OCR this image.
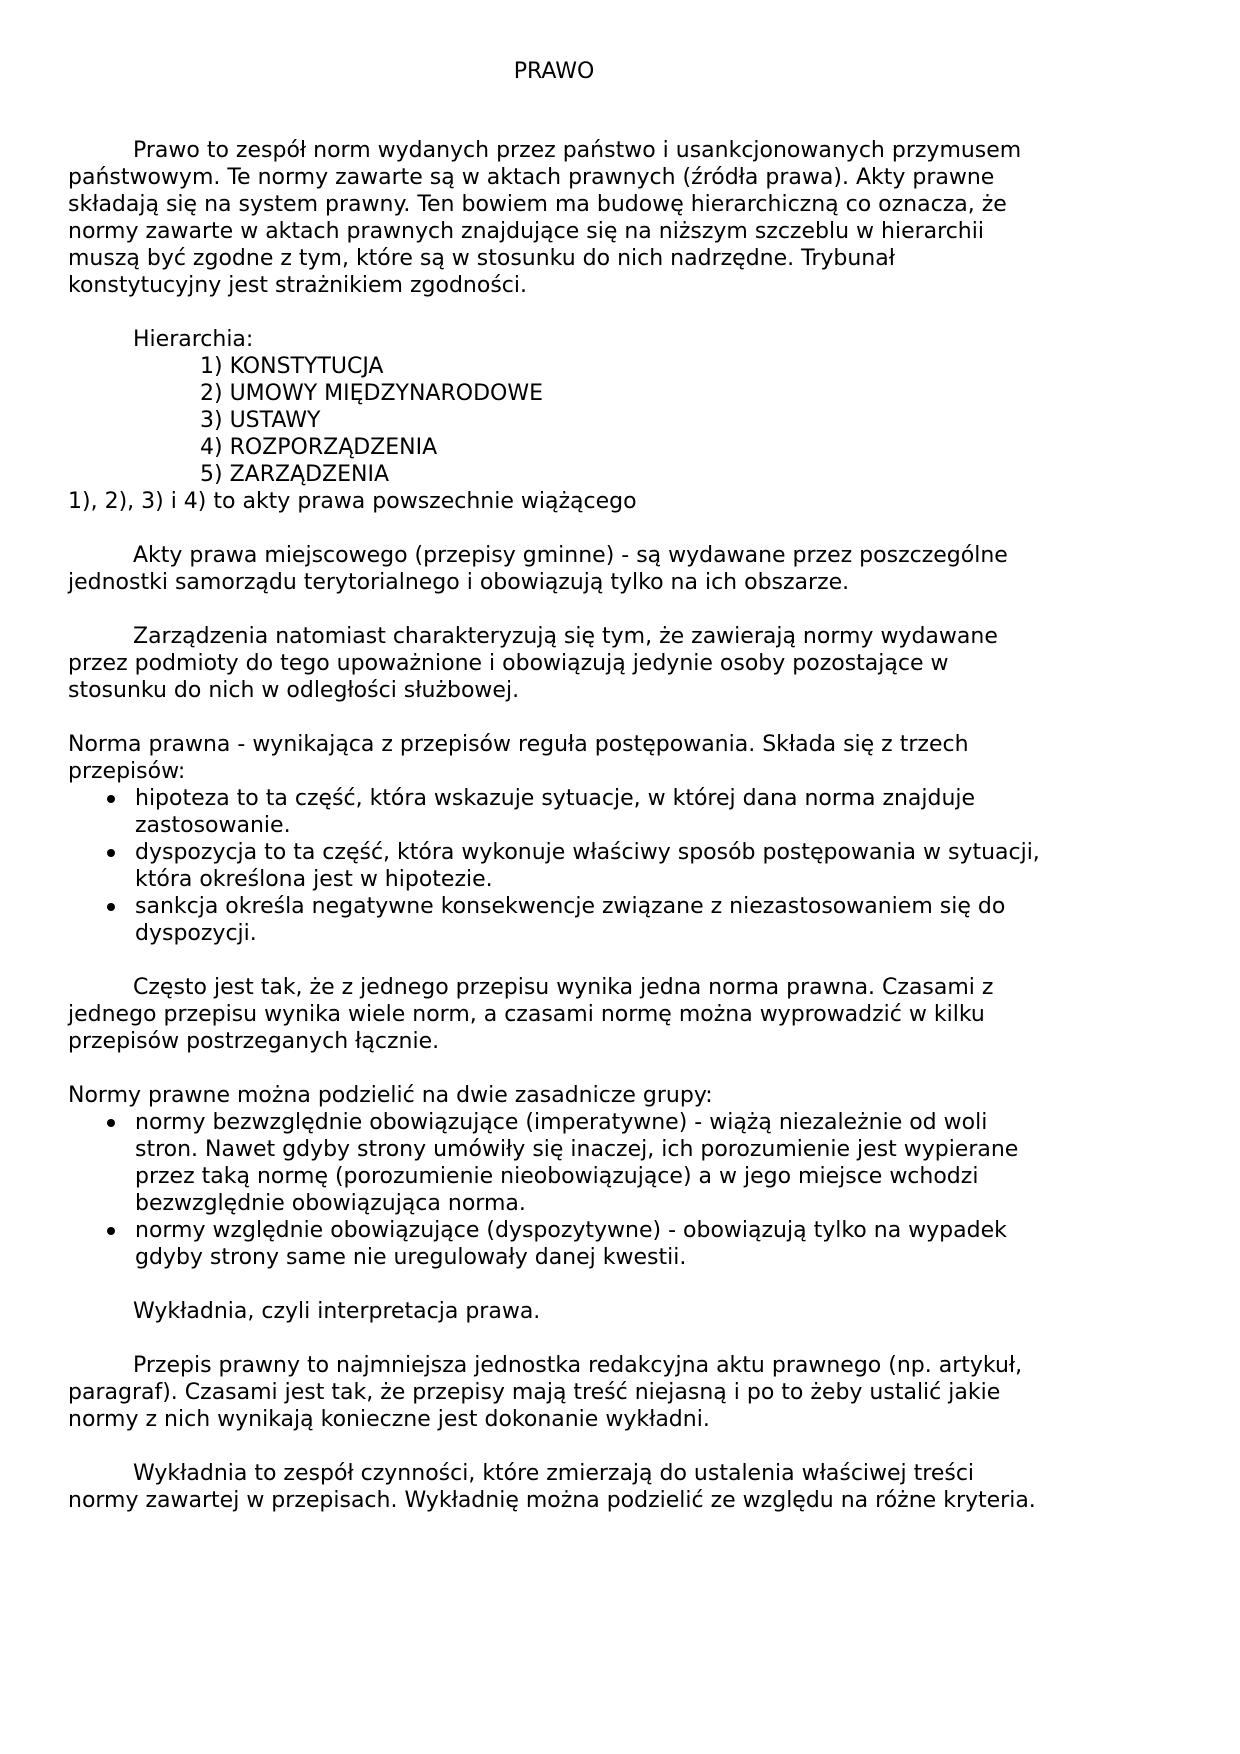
PRAWO

Prawo to zespół norm wydanych przez państwo i usankcjonowanych przymusem państwowym. Te normy zawarte są w aktach prawnych (źródła prawa). Akty prawne składają się na system prawny. Ten bowiem ma budowę hierarchiczną co oznacza, że normy zawarte w aktach prawnych znajdujące się na niższym szczeblu w hierarchii muszą być zgodne z tym, które są w stosunku do nich nadrzędne. Trybunał konstytucyjny jest strażnikiem zgodności.

Hierarchia:

1) KONSTYTUCJA
2) UMOWY MIĘDZYNARODOWE
3) USTAWY
4) ROZPORZĄDZENIA
5) ZARZĄDZENIA

1), 2), 3) i 4) to akty prawa powszechnie wiążącego

Akty prawa miejscowego (przepisy gminne) - są wydawane przez poszczególne jednostki samorządu terytorialnego i obowiązują tylko na ich obszarze.

Zarządzenia natomiast charakteryzują się tym, że zawierają normy wydawane przez podmioty do tego upoważnione i obowiązują jedynie osoby pozostające w stosunku do nich w odległości służbowej.

Norma prawna - wynikająca z przepisów reguła postępowania. Składa się z trzech przepisów:

hipoteza to ta część, która wskazuje sytuacje, w której dana norma znajduje zastosowanie.
dyspozycja to ta część, która wykonuje właściwy sposób postępowania w sytuacji, która określona jest w hipotezie.
sankcja określa negatywne konsekwencje związane z niezastosowaniem się do dyspozycji.

Często jest tak, że z jednego przepisu wynika jedna norma prawna. Czasami z jednego przepisu wynika wiele norm, a czasami normę można wyprowadzić w kilku przepisów postrzeganych łącznie.

Normy prawne można podzielić na dwie zasadnicze grupy:

normy bezwzględnie obowiązujące (imperatywne) - wiążą niezależnie od woli stron. Nawet gdyby strony umówiły się inaczej, ich porozumienie jest wypierane przez taką normę (porozumienie nieobowiązujące) a w jego miejsce wchodzi bezwzględnie obowiązująca norma.
normy względnie obowiązujące (dyspozytywne) - obowiązują tylko na wypadek gdyby strony same nie uregulowały danej kwestii.

Wykładnia, czyli interpretacja prawa.

Przepis prawny to najmniejsza jednostka redakcyjna aktu prawnego (np. artykuł, paragraf). Czasami jest tak, że przepisy mają treść niejasną i po to żeby ustalić jakie normy z nich wynikają konieczne jest dokonanie wykładni.

Wykładnia to zespół czynności, które zmierzają do ustalenia właściwej treści normy zawartej w przepisach. Wykładnię można podzielić ze względu na różne kryteria.
